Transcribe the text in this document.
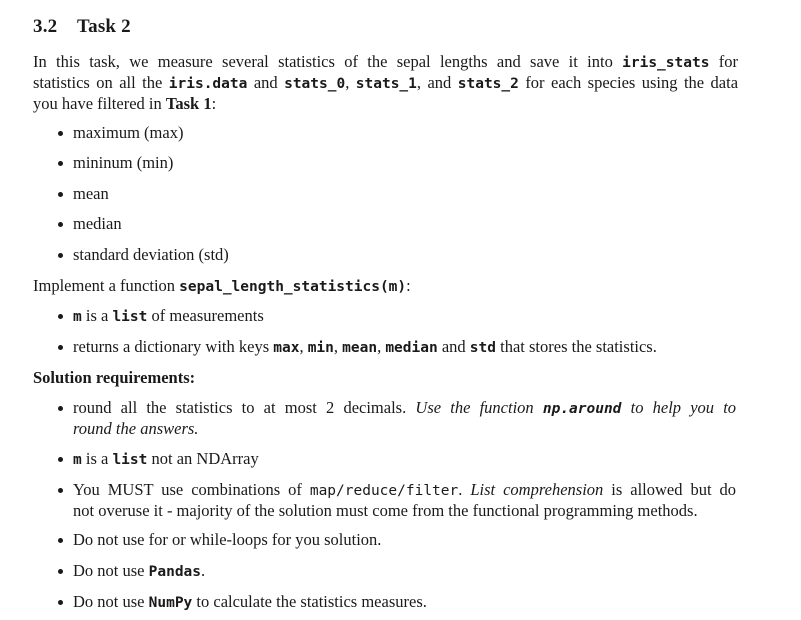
3.2 Task 2
In this task, we measure several statistics of the sepal lengths and save it into iris_stats for
statistics on all the iris.data and stats_0, stats_1, and stats_2 for each species using the data
you have filtered in Task 1:
maximum (max)
mininum (min)
mean
median
standard deviation (std)
Implement a function sepal_length_statistics(m):
m is a list of measurements
returns a dictionary with keys max, min, mean, median and std that stores the statistics.
Solution requirements:
round all the statistics to at most 2 decimals. Use the function np.around to help you to
round the answers.
m is a list not an NDArray
You MUST use combinations of map/reduce/filter. List comprehension is allowed but do
not overuse it - majority of the solution must come from the functional programming methods.
Do not use for or while-loops for you solution.
Do not use Pandas.
Do not use NumPy to calculate the statistics measures.
